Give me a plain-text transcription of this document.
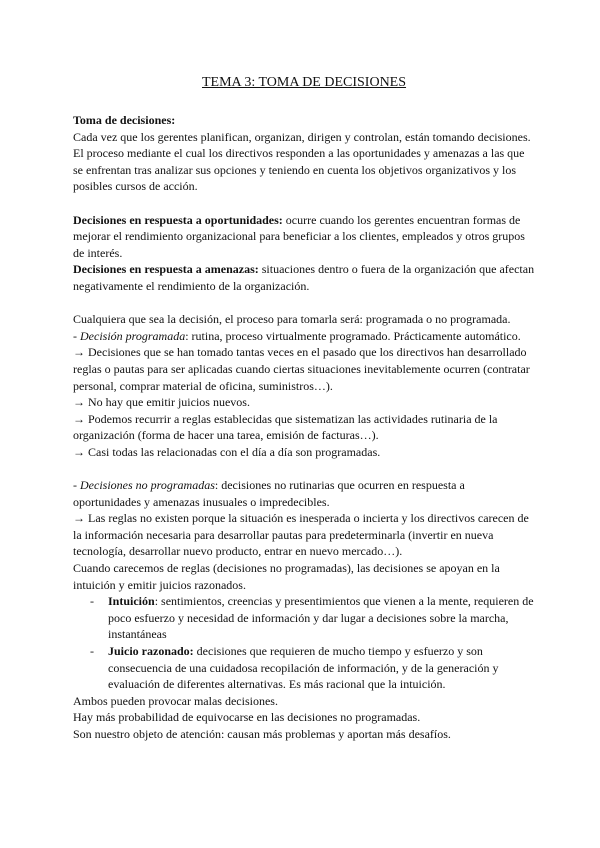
TEMA 3: TOMA DE DECISIONES

Toma de decisiones:

Cada vez que los gerentes planifican, organizan, dirigen y controlan, están tomando decisiones.

El proceso mediante el cual los directivos responden a las oportunidades y amenazas a las que se enfrentan tras analizar sus opciones y teniendo en cuenta los objetivos organizativos y los posibles cursos de acción.

Decisiones en respuesta a oportunidades: ocurre cuando los gerentes encuentran formas de mejorar el rendimiento organizacional para beneficiar a los clientes, empleados y otros grupos de interés.

Decisiones en respuesta a amenazas: situaciones dentro o fuera de la organización que afectan negativamente el rendimiento de la organización.

Cualquiera que sea la decisión, el proceso para tomarla será: programada o no programada.

- Decisión programada: rutina, proceso virtualmente programado. Prácticamente automático.

→ Decisiones que se han tomado tantas veces en el pasado que los directivos han desarrollado reglas o pautas para ser aplicadas cuando ciertas situaciones inevitablemente ocurren (contratar personal, comprar material de oficina, suministros…).

→ No hay que emitir juicios nuevos.

→ Podemos recurrir a reglas establecidas que sistematizan las actividades rutinaria de la organización (forma de hacer una tarea, emisión de facturas…).

→ Casi todas las relacionadas con el día a día son programadas.

- Decisiones no programadas: decisiones no rutinarias que ocurren en respuesta a oportunidades y amenazas inusuales o impredecibles.

→ Las reglas no existen porque la situación es inesperada o incierta y los directivos carecen de la información necesaria para desarrollar pautas para predeterminarla (invertir en nueva tecnología, desarrollar nuevo producto, entrar en nuevo mercado…).

Cuando carecemos de reglas (decisiones no programadas), las decisiones se apoyan en la intuición y emitir juicios razonados.

- Intuición: sentimientos, creencias y presentimientos que vienen a la mente, requieren de poco esfuerzo y necesidad de información y dar lugar a decisiones sobre la marcha, instantáneas
- Juicio razonado: decisiones que requieren de mucho tiempo y esfuerzo y son consecuencia de una cuidadosa recopilación de información, y de la generación y evaluación de diferentes alternativas. Es más racional que la intuición.

Ambos pueden provocar malas decisiones.

Hay más probabilidad de equivocarse en las decisiones no programadas.

Son nuestro objeto de atención: causan más problemas y aportan más desafíos.
